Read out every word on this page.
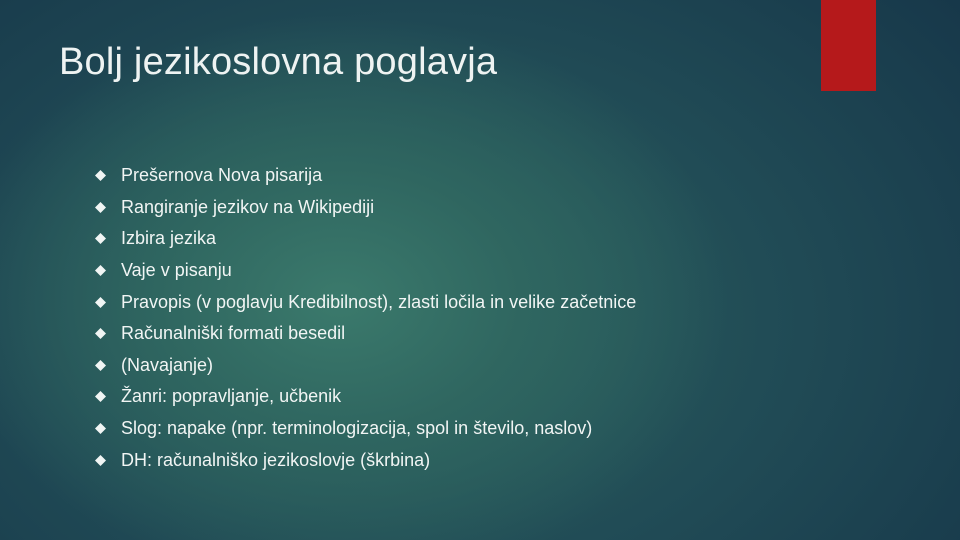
Bolj jezikoslovna poglavja
Prešernova Nova pisarija
Rangiranje jezikov na Wikipediji
Izbira jezika
Vaje v pisanju
Pravopis (v poglavju Kredibilnost), zlasti ločila in velike začetnice
Računalniški formati besedil
(Navajanje)
Žanri: popravljanje, učbenik
Slog: napake (npr. terminologizacija, spol in število, naslov)
DH: računalniško jezikoslovje (škrbina)
